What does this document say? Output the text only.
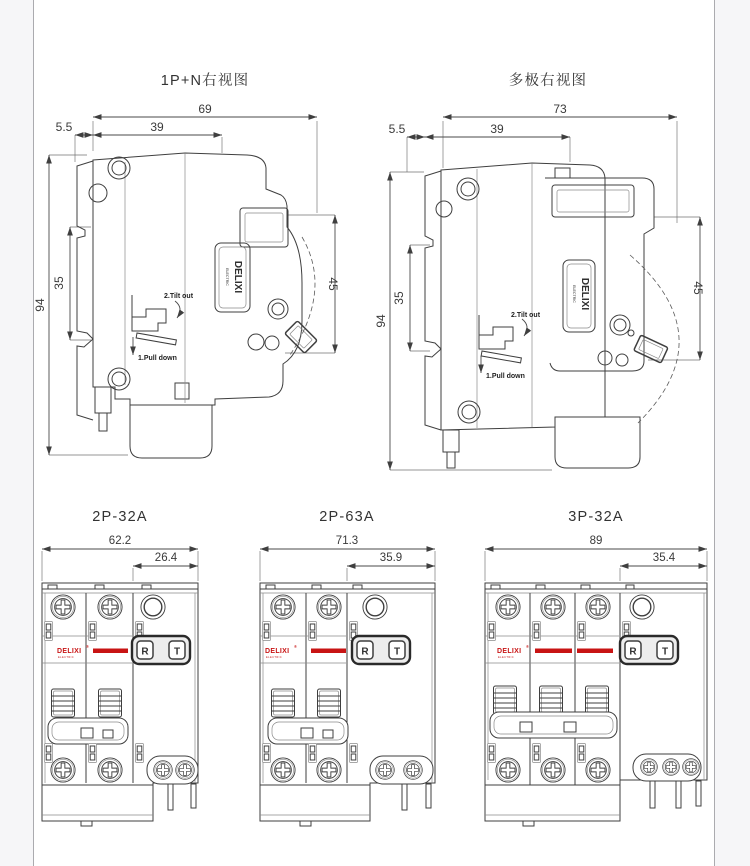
1P+N右视图
69
39
5.5
94
35	45
DELIXI
ELECTRIC
2.Tilt out
1.Pull down
多极右视图
73
39
5.5
94
35
45
DELIXI
ELECTRIC
2.Tilt out
1.Pull down
2P-32A
62.2
26.4
DELIXI
®
ELECTRIC	R	T
2P-63A
71.3
35.9
DELIXI
®
ELECTRIC	R	T
3P-32A
89
35.4
DELIXI
®
ELECTRIC	R	T
